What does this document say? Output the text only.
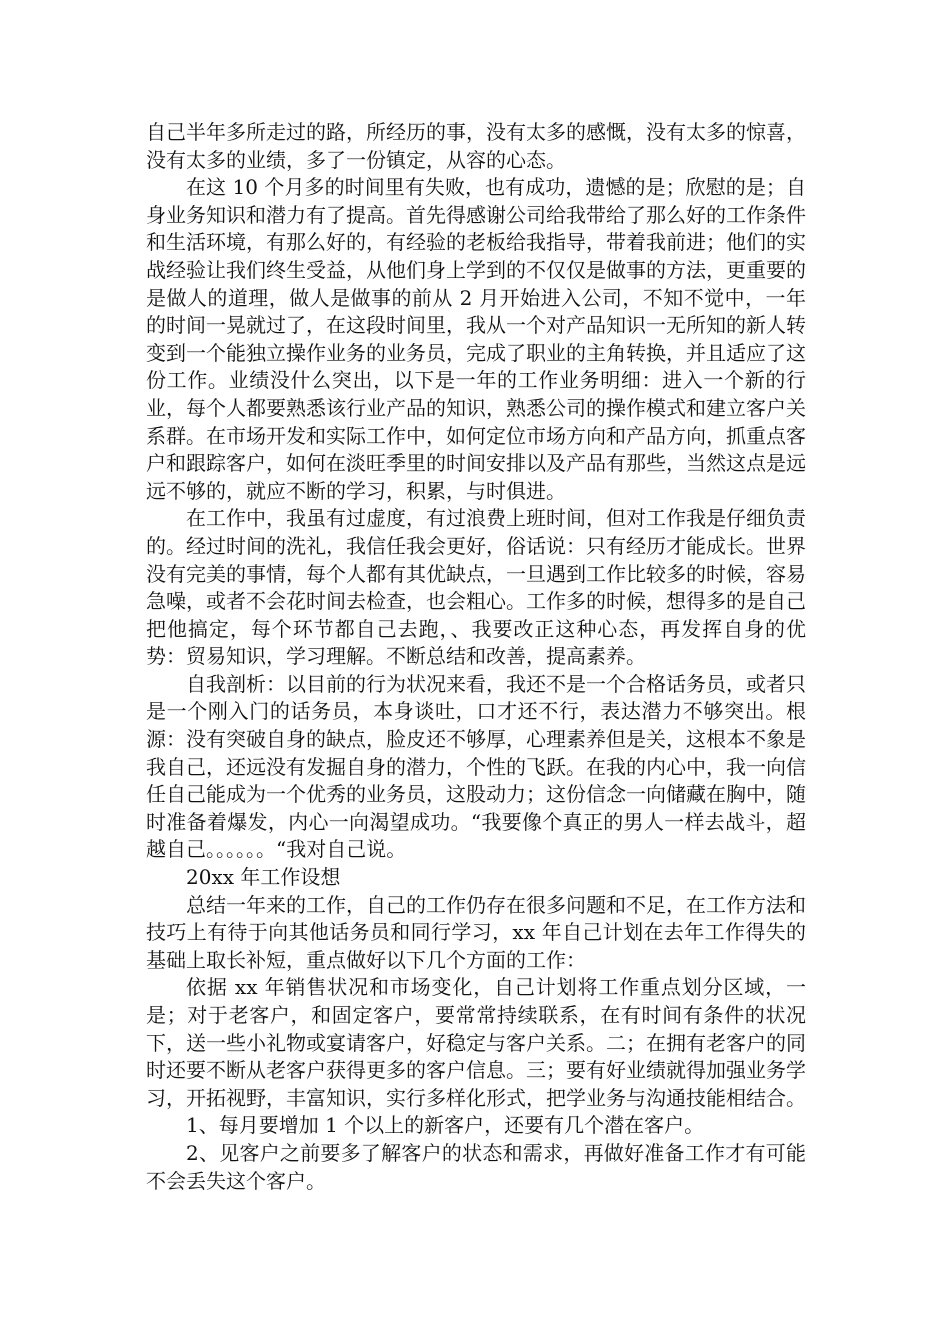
自己半年多所走过的路，所经历的事，没有太多的感慨，没有太多的惊喜，没有太多的业绩，多了一份镇定，从容的心态。

在这 10 个月多的时间里有失败，也有成功，遗憾的是；欣慰的是；自身业务知识和潜力有了提高。首先得感谢公司给我带给了那么好的工作条件和生活环境，有那么好的，有经验的老板给我指导，带着我前进；他们的实战经验让我们终生受益，从他们身上学到的不仅仅是做事的方法，更重要的是做人的道理，做人是做事的前从 2 月开始进入公司，不知不觉中，一年的时间一晃就过了，在这段时间里，我从一个对产品知识一无所知的新人转变到一个能独立操作业务的业务员，完成了职业的主角转换，并且适应了这份工作。业绩没什么突出，以下是一年的工作业务明细：进入一个新的行业，每个人都要熟悉该行业产品的知识，熟悉公司的操作模式和建立客户关系群。在市场开发和实际工作中，如何定位市场方向和产品方向，抓重点客户和跟踪客户，如何在淡旺季里的时间安排以及产品有那些，当然这点是远远不够的，就应不断的学习，积累，与时俱进。

在工作中，我虽有过虚度，有过浪费上班时间，但对工作我是仔细负责的。经过时间的洗礼，我信任我会更好，俗话说：只有经历才能成长。世界没有完美的事情，每个人都有其优缺点，一旦遇到工作比较多的时候，容易急噪，或者不会花时间去检查，也会粗心。工作多的时候，想得多的是自己把他搞定，每个环节都自己去跑，、我要改正这种心态，再发挥自身的优势：贸易知识，学习理解。不断总结和改善，提高素养。

自我剖析：以目前的行为状况来看，我还不是一个合格话务员，或者只是一个刚入门的话务员，本身谈吐，口才还不行，表达潜力不够突出。根源：没有突破自身的缺点，脸皮还不够厚，心理素养但是关，这根本不象是我自己，还远没有发掘自身的潜力，个性的飞跃。在我的内心中，我一向信任自己能成为一个优秀的业务员，这股动力；这份信念一向储藏在胸中，随时准备着爆发，内心一向渴望成功。“我要像个真正的男人一样去战斗，超越自己。。。。。。“我对自己说。

20xx 年工作设想

总结一年来的工作，自己的工作仍存在很多问题和不足，在工作方法和技巧上有待于向其他话务员和同行学习，xx 年自己计划在去年工作得失的基础上取长补短，重点做好以下几个方面的工作：

依据 xx 年销售状况和市场变化，自己计划将工作重点划分区域，一是；对于老客户，和固定客户，要常常持续联系，在有时间有条件的状况下，送一些小礼物或宴请客户，好稳定与客户关系。二；在拥有老客户的同时还要不断从老客户获得更多的客户信息。三；要有好业绩就得加强业务学习，开拓视野，丰富知识，实行多样化形式，把学业务与沟通技能相结合。

1、每月要增加 1 个以上的新客户，还要有几个潜在客户。

2、见客户之前要多了解客户的状态和需求，再做好准备工作才有可能不会丢失这个客户。
